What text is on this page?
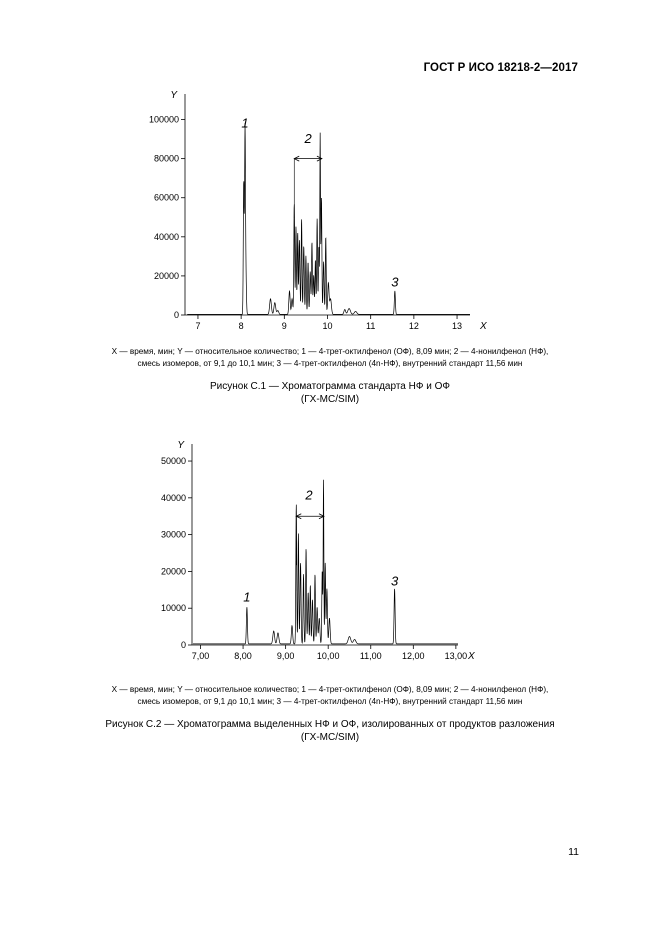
ГОСТ Р ИСО 18218-2—2017
0
20000
40000
60000
80000
100000
7	8	9	10	11	12	13 X
Y
1
2
3
X — время, мин; Y — относительное количество; 1 — 4-трет-октилфенол (ОФ), 8,09 мин; 2 — 4-нонилфенол (НФ),
смесь изомеров, от 9,1 до 10,1 мин; 3 — 4-трет-октилфенол (4n-НФ), внутренний стандарт 11,56 мин
Рисунок С.1 — Хроматограмма стандарта НФ и ОФ
(ГХ-МС/SIM)
0
10000
20000
30000
40000
50000
7,00	8,00	9,00	10,00 11,00 12,00 13,00 X
Y
1
2
3
X — время, мин; Y — относительное количество; 1 — 4-трет-октилфенол (ОФ), 8,09 мин; 2 — 4-нонилфенол (НФ),
смесь изомеров, от 9,1 до 10,1 мин; 3 — 4-трет-октилфенол (4n-НФ), внутренний стандарт 11,56 мин
Рисунок С.2 — Хроматограмма выделенных НФ и ОФ, изолированных от продуктов разложения
(ГХ-МС/SIM)
11
